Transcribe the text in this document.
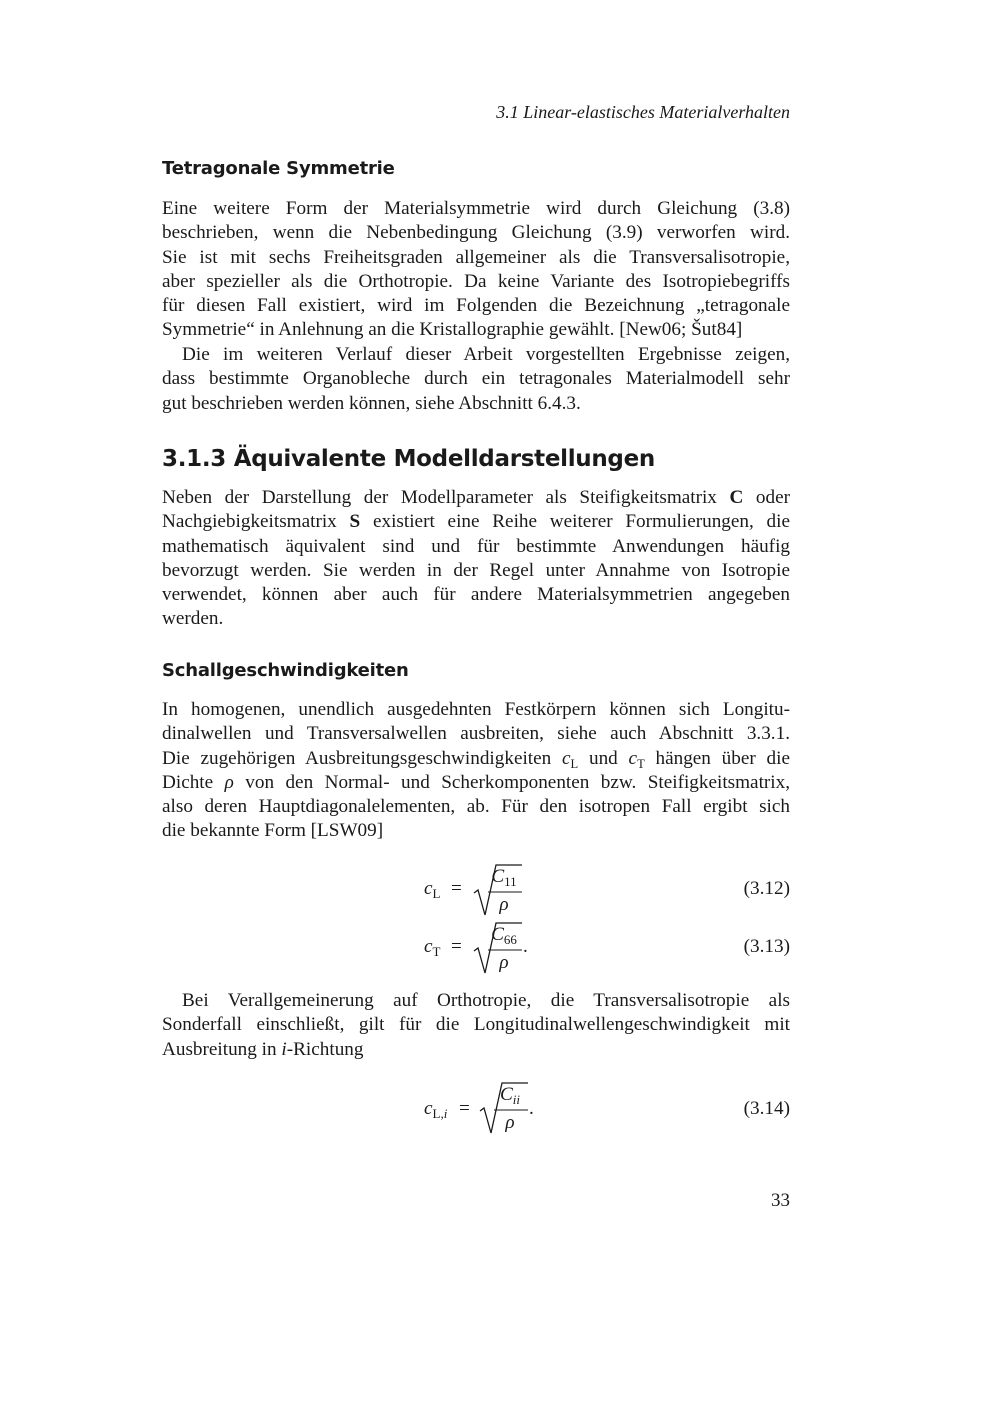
3.1 Linear-elastisches Materialverhalten
Tetragonale Symmetrie
Eine weitere Form der Materialsymmetrie wird durch Gleichung (3.8)
beschrieben, wenn die Nebenbedingung Gleichung (3.9) verworfen wird.
Sie ist mit sechs Freiheitsgraden allgemeiner als die Transversalisotropie,
aber spezieller als die Orthotropie. Da keine Variante des Isotropiebegriffs
für diesen Fall existiert, wird im Folgenden die Bezeichnung „tetragonale
Symmetrie“ in Anlehnung an die Kristallographie gewählt. [New06; Šut84]
Die im weiteren Verlauf dieser Arbeit vorgestellten Ergebnisse zeigen,
dass bestimmte Organobleche durch ein tetragonales Materialmodell sehr
gut beschrieben werden können, siehe Abschnitt 6.4.3.
3.1.3 Äquivalente Modelldarstellungen
Neben der Darstellung der Modellparameter als Steifigkeitsmatrix C oder
Nachgiebigkeitsmatrix S existiert eine Reihe weiterer Formulierungen, die
mathematisch äquivalent sind und für bestimmte Anwendungen häufig
bevorzugt werden. Sie werden in der Regel unter Annahme von Isotropie
verwendet, können aber auch für andere Materialsymmetrien angegeben
werden.
Schallgeschwindigkeiten
In homogenen, unendlich ausgedehnten Festkörpern können sich Longitu-
dinalwellen und Transversalwellen ausbreiten, siehe auch Abschnitt 3.3.1.
Die zugehörigen Ausbreitungsgeschwindigkeiten $c_L$ und $c_T$ hängen über die
Dichte ρ von den Normal- und Scherkomponenten bzw. Steifigkeitsmatrix,
also deren Hauptdiagonalelementen, ab. Für den isotropen Fall ergibt sich
die bekannte Form [LSW09]
$c_L$ =
$C_{11}$
ρ
(3.12)
$c_T$ =
$C_{66}$
ρ
.	(3.13)
Bei Verallgemeinerung auf Orthotropie, die Transversalisotropie als
Sonderfall einschließt, gilt für die Longitudinalwellengeschwindigkeit mit
Ausbreitung in i-Richtung
$c_{L,i}$ =
$C_{ii}$
ρ
.	(3.14)
33
